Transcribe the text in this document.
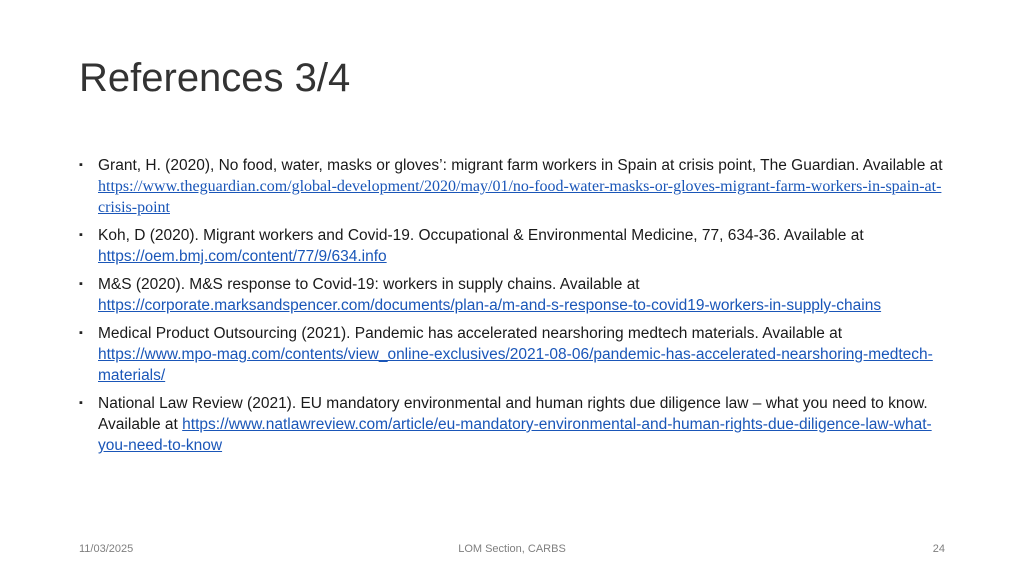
References 3/4
▪ Grant, H. (2020), No food, water, masks or gloves’: migrant farm workers in Spain at crisis point, The Guardian. Available at https://www.theguardian.com/global-development/2020/may/01/no-food-water-masks-or-gloves-migrant-farm-workers-in-spain-at-crisis-point
▪ Koh, D (2020). Migrant workers and Covid-19. Occupational & Environmental Medicine, 77, 634-36. Available at https://oem.bmj.com/content/77/9/634.info
▪ M&S (2020). M&S response to Covid-19: workers in supply chains. Available at
https://corporate.marksandspencer.com/documents/plan-a/m-and-s-response-to-covid19-workers-in-supply-chains
▪ Medical Product Outsourcing (2021). Pandemic has accelerated nearshoring medtech materials. Available at https://www.mpo-mag.com/contents/view_online-exclusives/2021-08-06/pandemic-has-accelerated-nearshoring-medtech-materials/
▪ National Law Review (2021). EU mandatory environmental and human rights due diligence law – what you need to know. Available at https://www.natlawreview.com/article/eu-mandatory-environmental-and-human-rights-due-diligence-law-what-you-need-to-know
11/03/2025	LOM Section, CARBS	24
